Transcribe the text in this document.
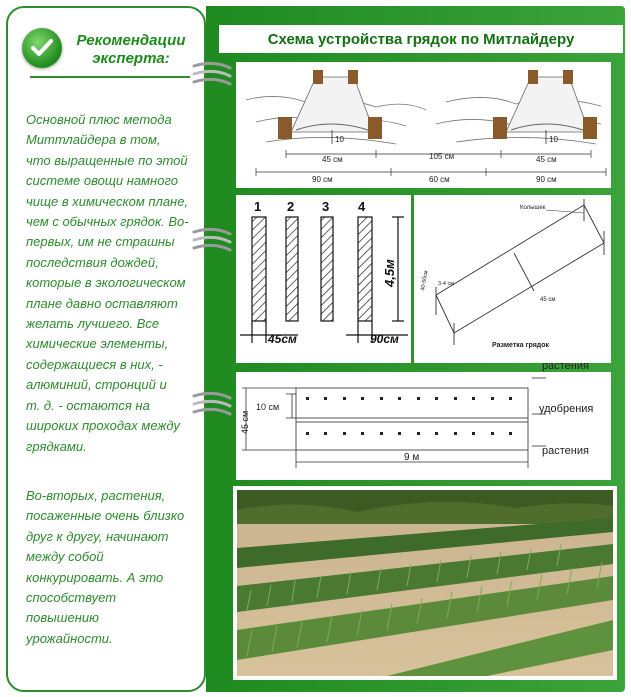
Рекомендации
эксперта:
Основной плюс метода
Миттлайдера в том,
что выращенные по этой
системе овощи намного
чище в химическом плане,
чем с обычных грядок. Во-
первых, им не страшны
последствия дождей,
которые в экологическом
плане давно оставляют
желать лучшего. Все
химические элементы,
содержащиеся в них, -
алюминий, стронций и
т. д. - остаются на
широких проходах между
грядками.
Во-вторых, растения,
посаженные очень близко
друг к другу, начинают
между собой
конкурировать. А это
способствует
повышению
урожайности.
Схема устройства грядок по Митлайдеру
10	10
45 см	105 см	45 см
90 см	60 см	90 см
1 2 3 4
4,5м
45см	90см
Колышек
40-50см 3-4 см
45 см
Разметка грядок
45 см
10 см
9 м
растения
удобрения
растения
